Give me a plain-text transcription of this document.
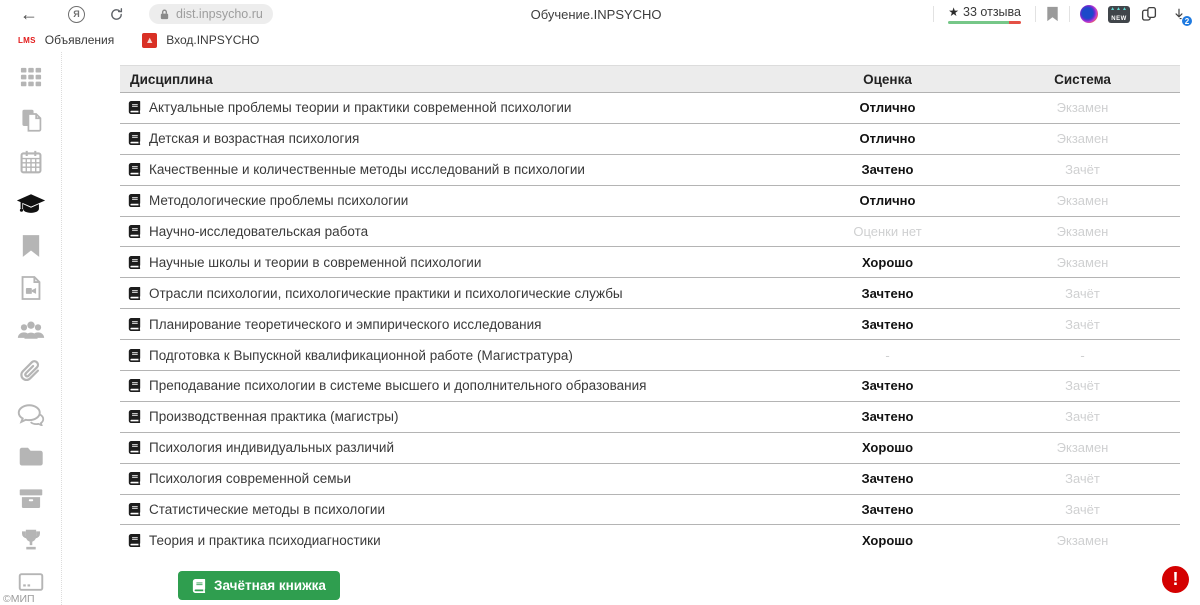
←	Я	dist.inpsycho.ru	Обучение.INPSYCHO	★ 33 отзыва	▲▲▲
NEW	2
LMS Объявления	▲ Вход.INPSYCHO
©МИП
Дисциплина	Оценка	Система
Актуальные проблемы теории и практики современной психологии	Отлично	Экзамен
Детская и возрастная психология	Отлично	Экзамен
Качественные и количественные методы исследований в психологии	Зачтено	Зачёт
Методологические проблемы психологии	Отлично	Экзамен
Научно-исследовательская работа	Оценки нет	Экзамен
Научные школы и теории в современной психологии	Хорошо	Экзамен
Отрасли психологии, психологические практики и психологические службы	Зачтено	Зачёт
Планирование теоретического и эмпирического исследования	Зачтено	Зачёт
Подготовка к Выпускной квалификационной работе (Магистратура)	-	-
Преподавание психологии в системе высшего и дополнительного образования	Зачтено	Зачёт
Производственная практика (магистры)	Зачтено	Зачёт
Психология индивидуальных различий	Хорошо	Экзамен
Психология современной семьи	Зачтено	Зачёт
Статистические методы в психологии	Зачтено	Зачёт
Теория и практика психодиагностики	Хорошо	Экзамен
Зачётная книжка	!
